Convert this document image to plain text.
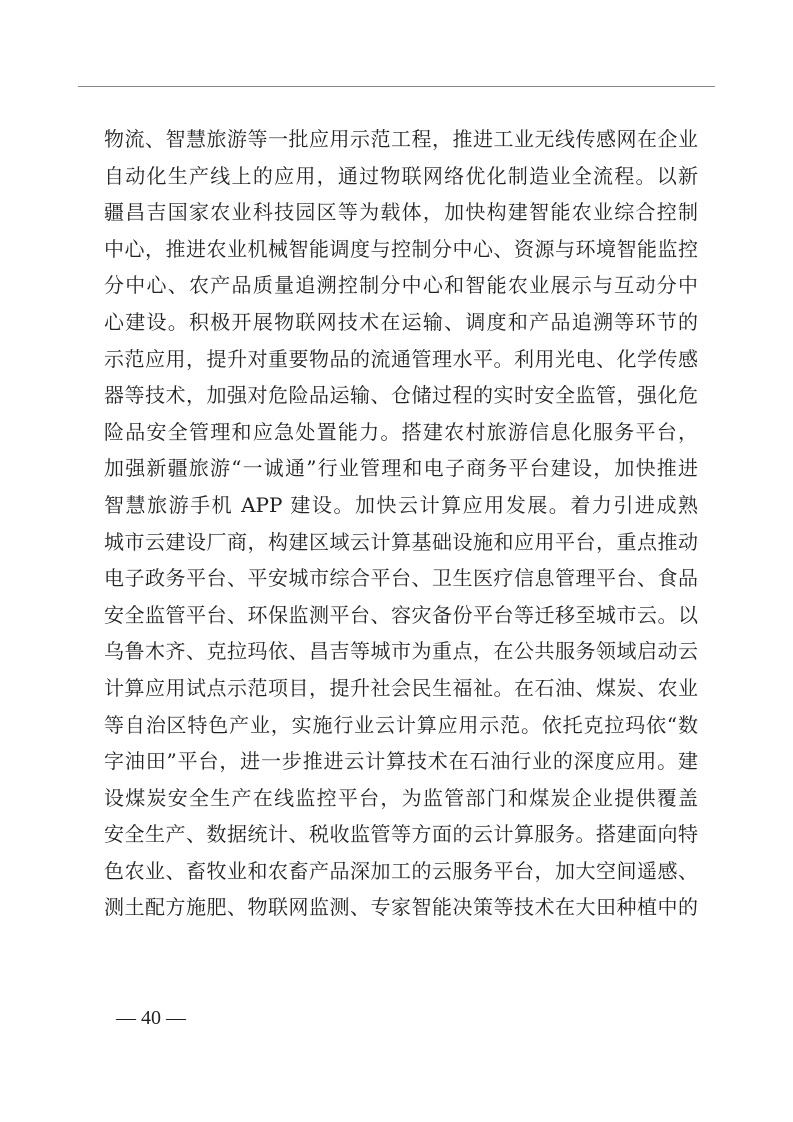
物流、智慧旅游等一批应用示范工程，推进工业无线传感网在企业
自动化生产线上的应用，通过物联网络优化制造业全流程。以新
疆昌吉国家农业科技园区等为载体，加快构建智能农业综合控制
中心，推进农业机械智能调度与控制分中心、资源与环境智能监控
分中心、农产品质量追溯控制分中心和智能农业展示与互动分中
心建设。积极开展物联网技术在运输、调度和产品追溯等环节的
示范应用，提升对重要物品的流通管理水平。利用光电、化学传感
器等技术，加强对危险品运输、仓储过程的实时安全监管，强化危
险品安全管理和应急处置能力。搭建农村旅游信息化服务平台，
加强新疆旅游“一诚通”行业管理和电子商务平台建设，加快推进
智慧旅游手机 APP 建设。加快云计算应用发展。着力引进成熟
城市云建设厂商，构建区域云计算基础设施和应用平台，重点推动
电子政务平台、平安城市综合平台、卫生医疗信息管理平台、食品
安全监管平台、环保监测平台、容灾备份平台等迁移至城市云。以
乌鲁木齐、克拉玛依、昌吉等城市为重点，在公共服务领域启动云
计算应用试点示范项目，提升社会民生福祉。在石油、煤炭、农业
等自治区特色产业，实施行业云计算应用示范。依托克拉玛依“数
字油田”平台，进一步推进云计算技术在石油行业的深度应用。建
设煤炭安全生产在线监控平台，为监管部门和煤炭企业提供覆盖
安全生产、数据统计、税收监管等方面的云计算服务。搭建面向特
色农业、畜牧业和农畜产品深加工的云服务平台，加大空间遥感、
测土配方施肥、物联网监测、专家智能决策等技术在大田种植中的
— 40 —
